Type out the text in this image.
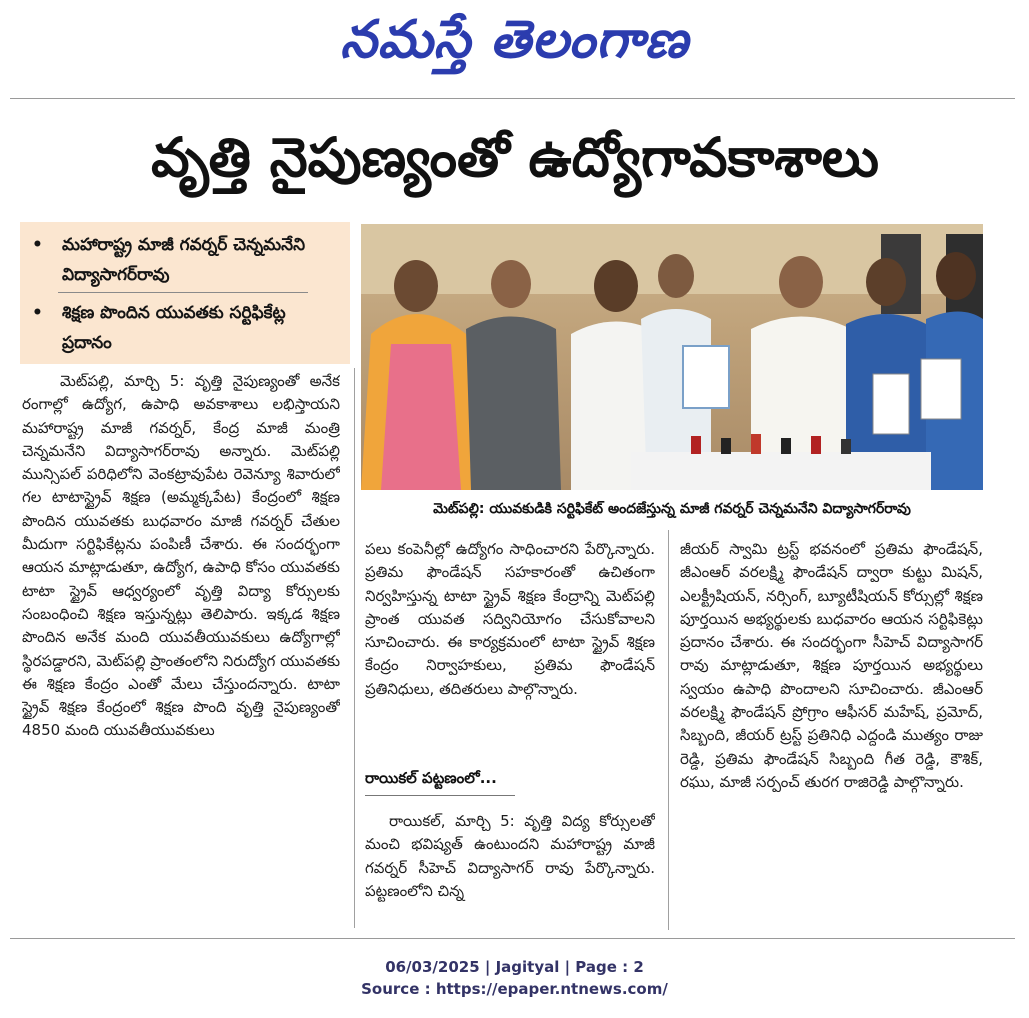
నమస్తే తెలంగాణ
వృత్తి నైపుణ్యంతో ఉద్యోగావకాశాలు
•	మహారాష్ట్ర మాజీ గవర్నర్ చెన్నమనేని విద్యాసాగర్‌రావు
•	శిక్షణ పొందిన యువతకు సర్టిఫికేట్ల ప్రదానం
మెట్‌పల్లి: యువకుడికి సర్టిఫికేట్ అందజేస్తున్న మాజీ గవర్నర్ చెన్నమనేని విద్యాసాగర్‌రావు
మెట్‌పల్లి, మార్చి 5: వృత్తి నైపుణ్యంతో అనేక రంగాల్లో ఉద్యోగ, ఉపాధి అవకాశాలు లభిస్తాయని మహారాష్ట్ర మాజీ గవర్నర్, కేంద్ర మాజీ మంత్రి చెన్నమనేని విద్యాసాగర్‌రావు అన్నారు. మెట్‌పల్లి మున్సిపల్ పరిధిలోని వెంకట్రావుపేట రెవెన్యూ శివారులో గల టాటాస్ట్రైవ్ శిక్షణ (అమ్మక్కపేట) కేంద్రంలో శిక్షణ పొందిన యువతకు బుధవారం మాజీ గవర్నర్ చేతుల మీదుగా సర్టిఫికేట్లను పంపిణీ చేశారు. ఈ సందర్భంగా ఆయన మాట్లాడుతూ, ఉద్యోగ, ఉపాధి కోసం యువతకు టాటా స్ట్రైవ్ ఆధ్వర్యంలో వృత్తి విద్యా కోర్సులకు సంబంధించి శిక్షణ ఇస్తున్నట్లు తెలిపారు. ఇక్కడ శిక్షణ పొందిన అనేక మంది యువతీయువకులు ఉద్యోగాల్లో స్థిరపడ్డారని, మెట్‌పల్లి ప్రాంతంలోని నిరుద్యోగ యువతకు ఈ శిక్షణ కేంద్రం ఎంతో మేలు చేస్తుందన్నారు. టాటా స్ట్రైవ్ శిక్షణ కేంద్రంలో శిక్షణ పొంది వృత్తి నైపుణ్యంతో 4850 మంది యువతీయువకులు
పలు కంపెనీల్లో ఉద్యోగం సాధించారని పేర్కొన్నారు. ప్రతిమ ఫౌండేషన్ సహకారంతో ఉచితంగా నిర్వహిస్తున్న టాటా స్ట్రైవ్ శిక్షణ కేంద్రాన్ని మెట్‌పల్లి ప్రాంత యువత సద్వినియోగం చేసుకోవాలని సూచించారు. ఈ కార్యక్రమంలో టాటా స్ట్రైవ్ శిక్షణ కేంద్రం నిర్వాహకులు, ప్రతిమ ఫౌండేషన్ ప్రతినిధులు, తదితరులు పాల్గొన్నారు.
రాయికల్ పట్టణంలో...
రాయికల్, మార్చి 5: వృత్తి విద్య కోర్సులతో మంచి భవిష్యత్ ఉంటుందని మహారాష్ట్ర మాజీ గవర్నర్ సీహెచ్ విద్యాసాగర్ రావు పేర్కొన్నారు. పట్టణంలోని చిన్న
జీయర్ స్వామి ట్రస్ట్ భవనంలో ప్రతిమ ఫౌండేషన్, జీఎంఆర్ వరలక్ష్మి ఫౌండేషన్ ద్వారా కుట్టు మిషన్, ఎలక్ట్రీషియన్, నర్సింగ్, బ్యూటీషియన్ కోర్సుల్లో శిక్షణ పూర్తయిన అభ్యర్థులకు బుధవారం ఆయన సర్టిఫికెట్లు ప్రదానం చేశారు. ఈ సందర్భంగా సీహెచ్ విద్యాసాగర్ రావు మాట్లాడుతూ, శిక్షణ పూర్తయిన అభ్యర్థులు స్వయం ఉపాధి పొందాలని సూచించారు. జీఎంఆర్ వరలక్ష్మి ఫౌండేషన్ ప్రోగ్రాం ఆఫీసర్ మహేష్, ప్రమోద్, సిబ్బంది, జీయర్ ట్రస్ట్ ప్రతినిధి ఎద్దండి ముత్యం రాజు రెడ్డి, ప్రతిమ ఫౌండేషన్ సిబ్బంది గీత రెడ్డి, కౌశిక్, రఘు, మాజీ సర్పంచ్ తురగ రాజిరెడ్డి పాల్గొన్నారు.
06/03/2025 | Jagityal | Page : 2
Source : https://epaper.ntnews.com/
